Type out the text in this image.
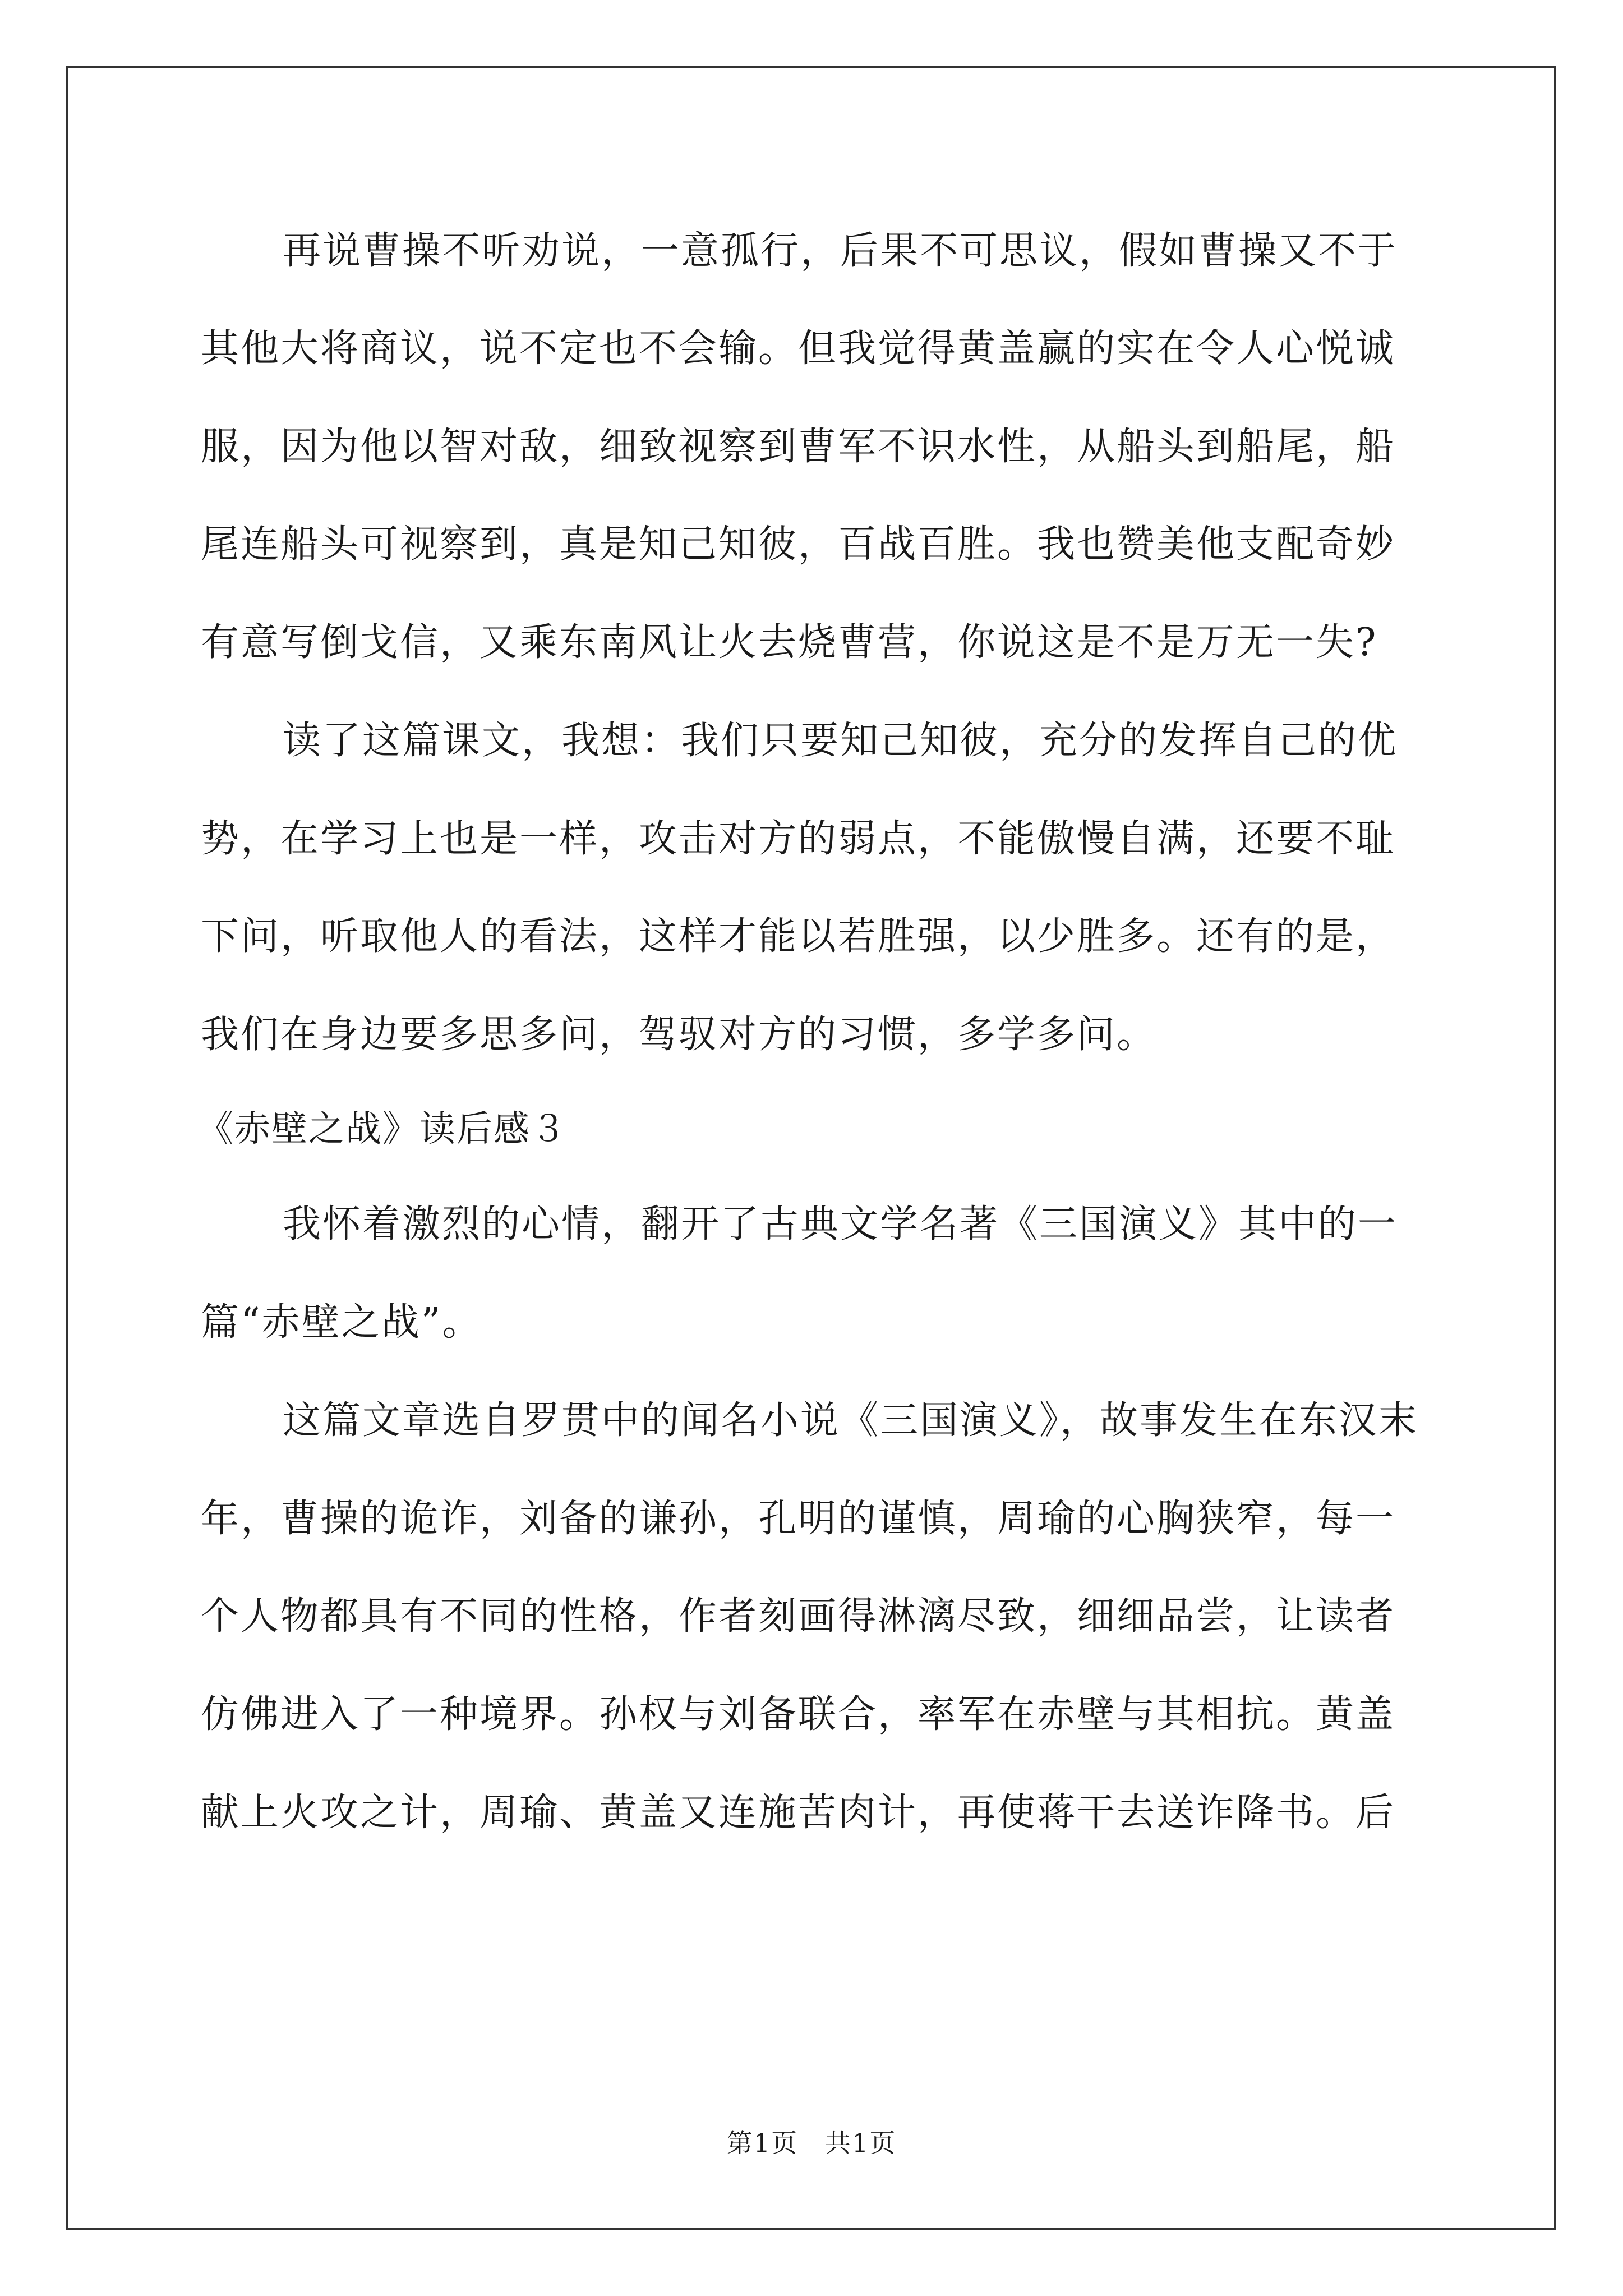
再说曹操不听劝说，一意孤行，后果不可思议，假如曹操又不于
其他大将商议，说不定也不会输。但我觉得黄盖赢的实在令人心悦诚
服，因为他以智对敌，细致视察到曹军不识水性，从船头到船尾，船
尾连船头可视察到，真是知己知彼，百战百胜。我也赞美他支配奇妙
有意写倒戈信，又乘东南风让火去烧曹营，你说这是不是万无一失?
读了这篇课文，我想：我们只要知己知彼，充分的发挥自己的优
势，在学习上也是一样，攻击对方的弱点，不能傲慢自满，还要不耻
下问，听取他人的看法，这样才能以若胜强，以少胜多。还有的是，
我们在身边要多思多问，驾驭对方的习惯，多学多问。
《赤壁之战》读后感３
我怀着激烈的心情，翻开了古典文学名著《三国演义》其中的一
篇“赤壁之战”。
这篇文章选自罗贯中的闻名小说《三国演义》，故事发生在东汉末
年，曹操的诡诈，刘备的谦孙，孔明的谨慎，周瑜的心胸狭窄，每一
个人物都具有不同的性格，作者刻画得淋漓尽致，细细品尝，让读者
仿佛进入了一种境界。孙权与刘备联合，率军在赤壁与其相抗。黄盖
献上火攻之计，周瑜、黄盖又连施苦肉计，再使蒋干去送诈降书。后
第1页　共1页
